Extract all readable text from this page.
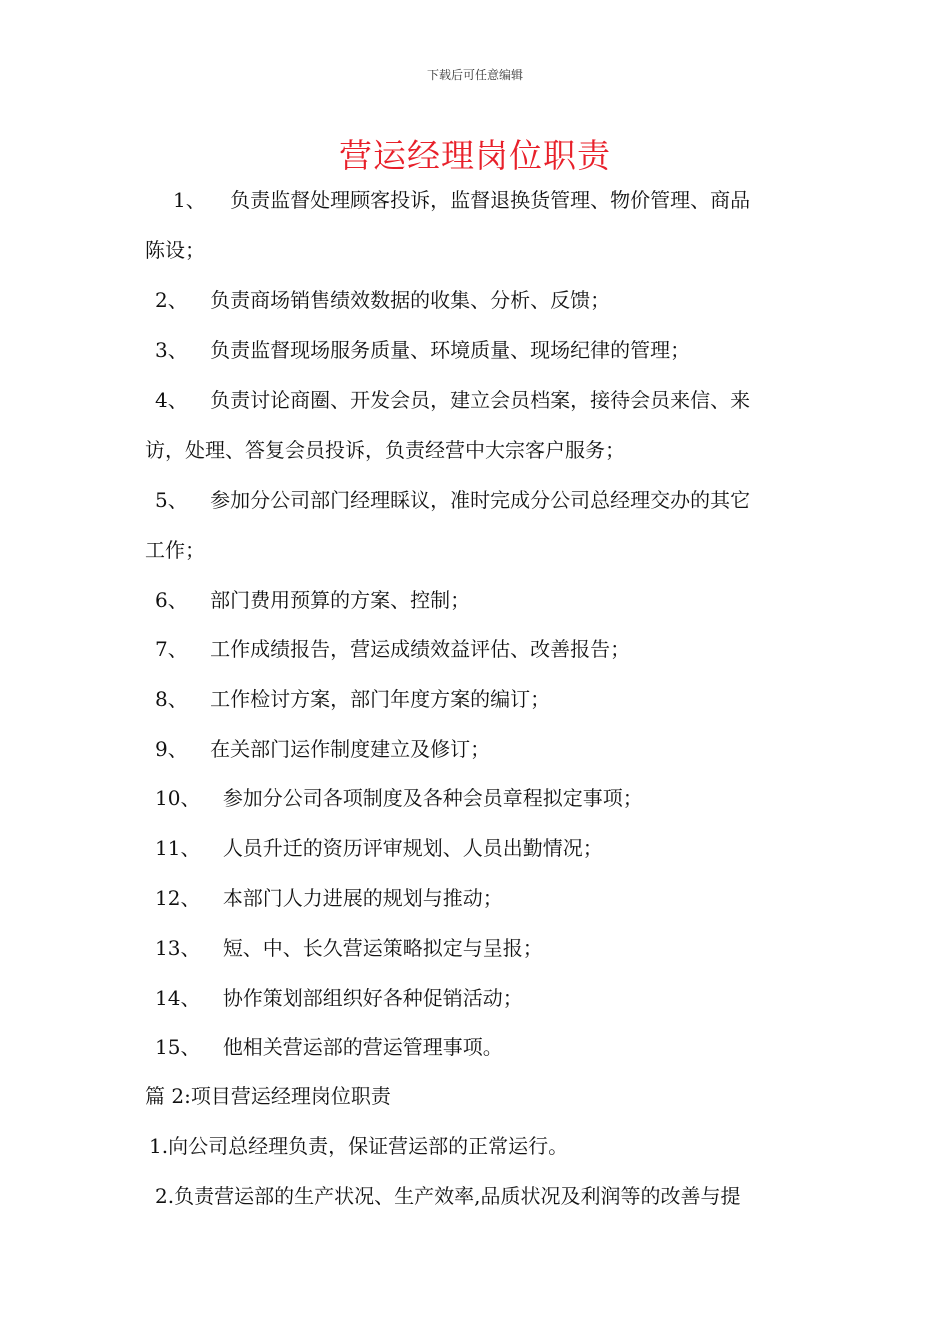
下载后可任意编辑
营运经理岗位职责
1、 负责监督处理顾客投诉，监督退换货管理、物价管理、商品
陈设；
2、 负责商场销售绩效数据的收集、分析、反馈；
3、 负责监督现场服务质量、环境质量、现场纪律的管理；
4、 负责讨论商圈、开发会员，建立会员档案，接待会员来信、来
访，处理、答复会员投诉，负责经营中大宗客户服务；
5、 参加分公司部门经理睬议，准时完成分公司总经理交办的其它
工作；
6、 部门费用预算的方案、控制；
7、 工作成绩报告，营运成绩效益评估、改善报告；
8、 工作检讨方案，部门年度方案的编订；
9、 在关部门运作制度建立及修订；
10、 参加分公司各项制度及各种会员章程拟定事项；
11、 人员升迁的资历评审规划、人员出勤情况；
12、 本部门人力进展的规划与推动；
13、 短、中、长久营运策略拟定与呈报；
14、 协作策划部组织好各种促销活动；
15、 他相关营运部的营运管理事项。
篇 2:项目营运经理岗位职责
1.向公司总经理负责，保证营运部的正常运行。
2.负责营运部的生产状况、生产效率,品质状况及利润等的改善与提
